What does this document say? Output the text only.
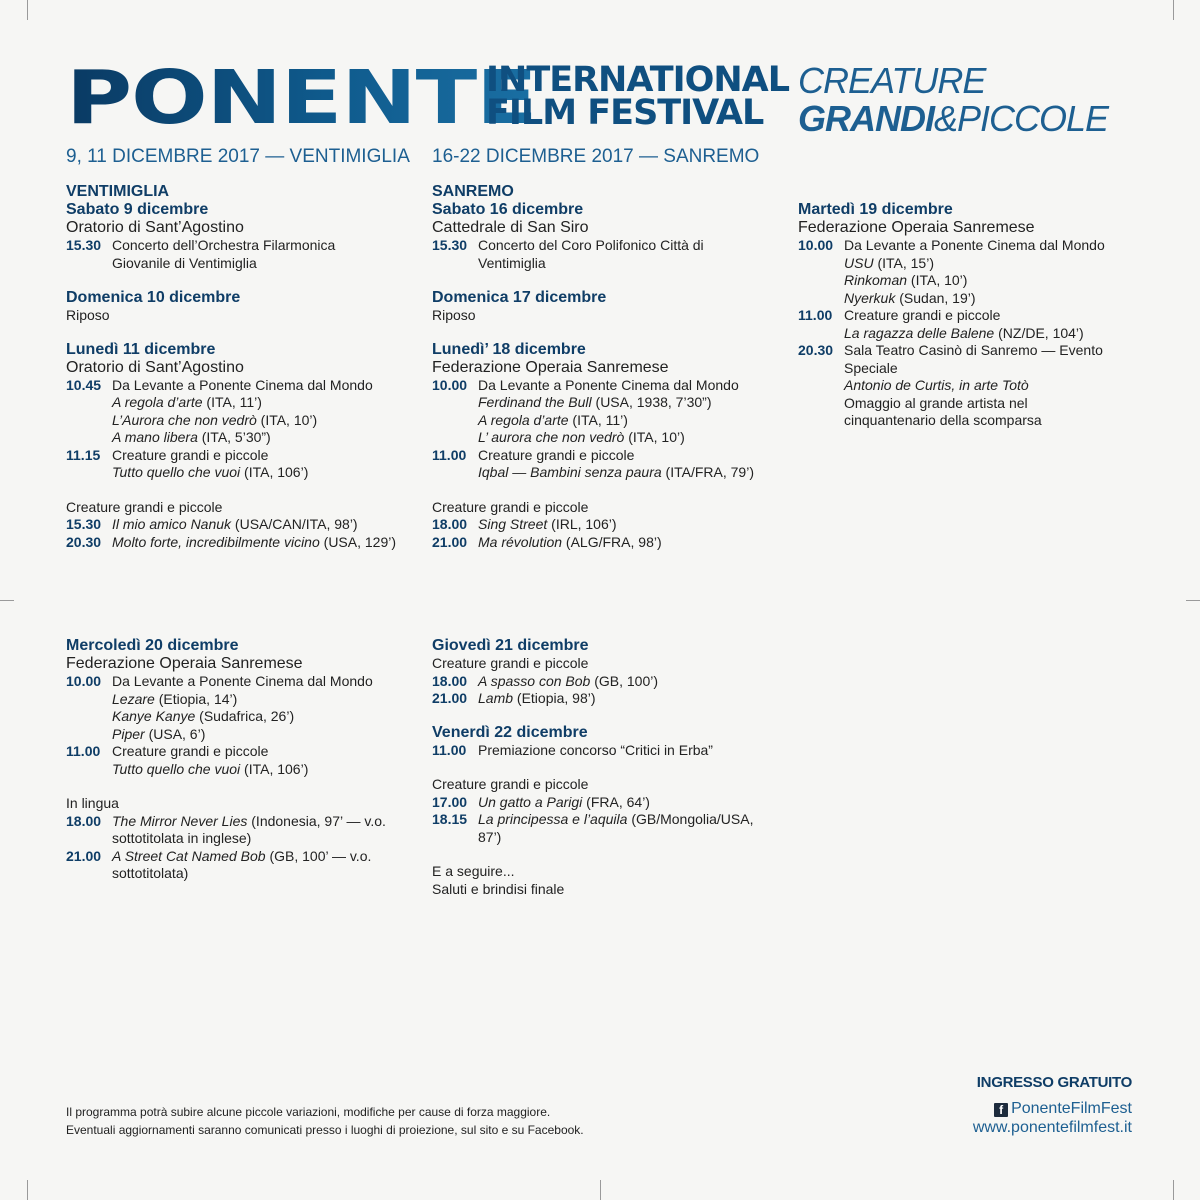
PONENTE
INTERNATIONAL
FILM FESTIVAL
CREATURE
GRANDI&PICCOLE
9, 11 DICEMBRE 2017 — VENTIMIGLIA 16-22 DICEMBRE 2017 — SANREMO
VENTIMIGLIA
Sabato 9 dicembre
Oratorio di Sant’Agostino
15.30 Concerto dell’Orchestra Filarmonica
Giovanile di Ventimiglia
Domenica 10 dicembre
Riposo
Lunedì 11 dicembre
Oratorio di Sant’Agostino
10.45 Da Levante a Ponente Cinema dal Mondo
A regola d’arte (ITA, 11’)
L’Aurora che non vedrò (ITA, 10’)
A mano libera (ITA, 5’30”)
11.15 Creature grandi e piccole
Tutto quello che vuoi (ITA, 106’)
Creature grandi e piccole
15.30 Il mio amico Nanuk (USA/CAN/ITA, 98’)
20.30 Molto forte, incredibilmente vicino (USA, 129’)
SANREMO
Sabato 16 dicembre
Cattedrale di San Siro
15.30 Concerto del Coro Polifonico Città di
Ventimiglia
Domenica 17 dicembre
Riposo
Lunedì’ 18 dicembre
Federazione Operaia Sanremese
10.00 Da Levante a Ponente Cinema dal Mondo
Ferdinand the Bull (USA, 1938, 7’30”)
A regola d’arte (ITA, 11’)
L’ aurora che non vedrò (ITA, 10’)
11.00 Creature grandi e piccole
Iqbal — Bambini senza paura (ITA/FRA, 79’)
Creature grandi e piccole
18.00 Sing Street (IRL, 106’)
21.00 Ma révolution (ALG/FRA, 98’)
Martedì 19 dicembre
Federazione Operaia Sanremese
10.00 Da Levante a Ponente Cinema dal Mondo
USU (ITA, 15’)
Rinkoman (ITA, 10’)
Nyerkuk (Sudan, 19’)
11.00 Creature grandi e piccole
La ragazza delle Balene (NZ/DE, 104’)
20.30 Sala Teatro Casinò di Sanremo — Evento
Speciale
Antonio de Curtis, in arte Totò
Omaggio al grande artista nel
cinquantenario della scomparsa
Mercoledì 20 dicembre
Federazione Operaia Sanremese
10.00 Da Levante a Ponente Cinema dal Mondo
Lezare (Etiopia, 14’)
Kanye Kanye (Sudafrica, 26’)
Piper (USA, 6’)
11.00 Creature grandi e piccole
Tutto quello che vuoi (ITA, 106’)
In lingua
18.00 The Mirror Never Lies (Indonesia, 97’ — v.o.
sottotitolata in inglese)
21.00 A Street Cat Named Bob (GB, 100’ — v.o.
sottotitolata)
Giovedì 21 dicembre
Creature grandi e piccole
18.00 A spasso con Bob (GB, 100’)
21.00 Lamb (Etiopia, 98’)
Venerdì 22 dicembre
11.00 Premiazione concorso “Critici in Erba”
Creature grandi e piccole
17.00 Un gatto a Parigi (FRA, 64’)
18.15 La principessa e l’aquila (GB/Mongolia/USA,
87’)
E a seguire...
Saluti e brindisi finale
Il programma potrà subire alcune piccole variazioni, modifiche per cause di forza maggiore.
Eventuali aggiornamenti saranno comunicati presso i luoghi di proiezione, sul sito e su Facebook.
INGRESSO GRATUITO
f PonenteFilmFest
www.ponentefilmfest.it
